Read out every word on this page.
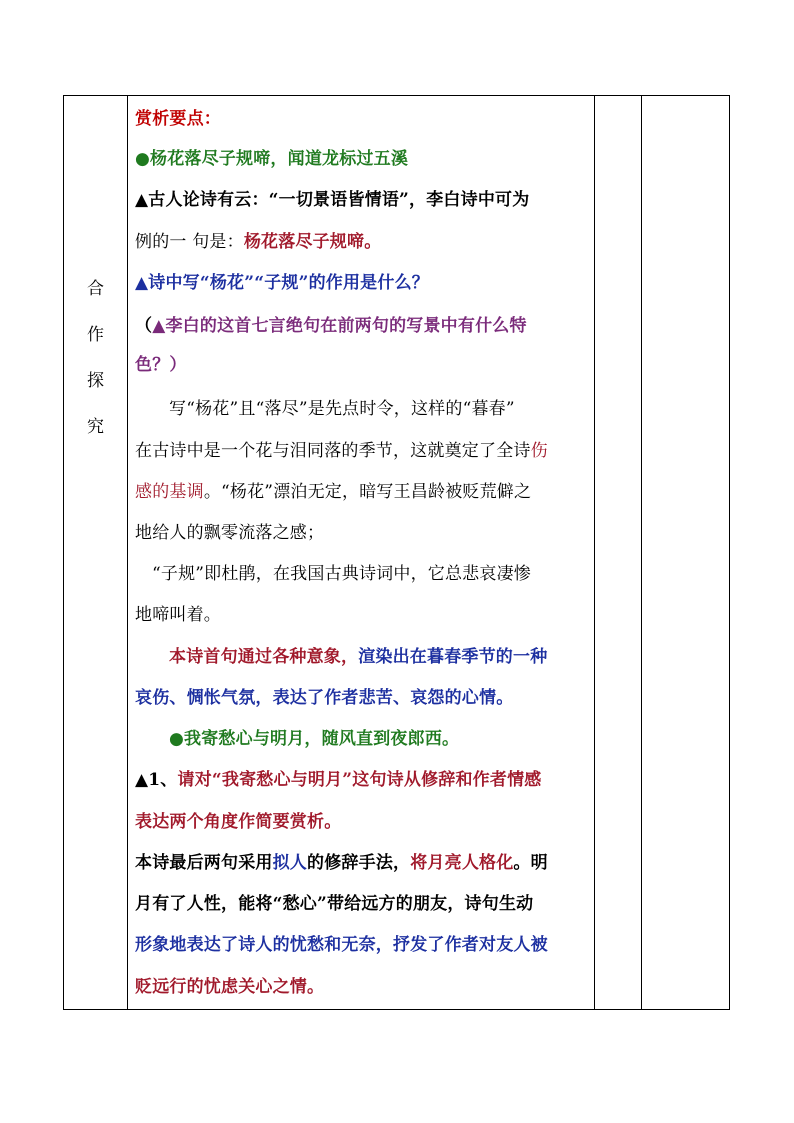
合
作
探
究
赏析要点：
●杨花落尽子规啼，闻道龙标过五溪
▲古人论诗有云：“一切景语皆情语”，李白诗中可为
例的一 句是：杨花落尽子规啼。
▲诗中写“杨花”“子规”的作用是什么？
（▲李白的这首七言绝句在前两句的写景中有什么特
色？）
写“杨花”且“落尽”是先点时令，这样的“暮春”
在古诗中是一个花与泪同落的季节，这就奠定了全诗伤
感的基调。“杨花”漂泊无定，暗写王昌龄被贬荒僻之
地给人的飘零流落之感；
“子规”即杜鹃，在我国古典诗词中，它总悲哀凄惨
地啼叫着。
本诗首句通过各种意象，渲染出在暮春季节的一种
哀伤、惆怅气氛，表达了作者悲苦、哀怨的心情。
●我寄愁心与明月，随风直到夜郎西。
▲1、请对“我寄愁心与明月”这句诗从修辞和作者情感
表达两个角度作简要赏析。
本诗最后两句采用拟人的修辞手法，将月亮人格化。明
月有了人性，能将“愁心”带给远方的朋友，诗句生动
形象地表达了诗人的忧愁和无奈，抒发了作者对友人被
贬远行的忧虑关心之情。
